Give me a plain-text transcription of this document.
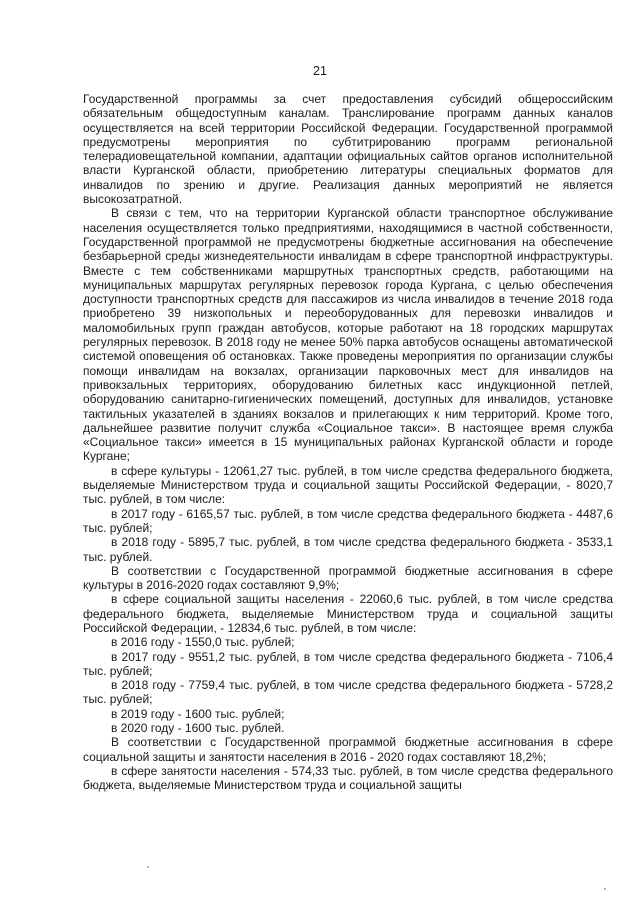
21

Государственной программы за счет предоставления субсидий общероссийским обязательным общедоступным каналам. Транслирование программ данных каналов осуществляется на всей территории Российской Федерации. Государственной программой предусмотрены мероприятия по субтитрированию программ региональной телерадиовещательной компании, адаптации официальных сайтов органов исполнительной власти Курганской области, приобретению литературы специальных форматов для инвалидов по зрению и другие. Реализация данных мероприятий не является высокозатратной.

В связи с тем, что на территории Курганской области транспортное обслуживание населения осуществляется только предприятиями, находящимися в частной собственности, Государственной программой не предусмотрены бюджетные ассигнования на обеспечение безбарьерной среды жизнедеятельности инвалидам в сфере транспортной инфраструктуры. Вместе с тем собственниками маршрутных транспортных средств, работающими на муниципальных маршрутах регулярных перевозок города Кургана, с целью обеспечения доступности транспортных средств для пассажиров из числа инвалидов в течение 2018 года приобретено 39 низкопольных и переоборудованных для перевозки инвалидов и маломобильных групп граждан автобусов, которые работают на 18 городских маршрутах регулярных перевозок. В 2018 году не менее 50% парка автобусов оснащены автоматической системой оповещения об остановках. Также проведены мероприятия по организации службы помощи инвалидам на вокзалах, организации парковочных мест для инвалидов на привокзальных территориях, оборудованию билетных касс индукционной петлей, оборудованию санитарно-гигиенических помещений, доступных для инвалидов, установке тактильных указателей в зданиях вокзалов и прилегающих к ним территорий. Кроме того, дальнейшее развитие получит служба «Социальное такси». В настоящее время служба «Социальное такси» имеется в 15 муниципальных районах Курганской области и городе Кургане;

в сфере культуры - 12061,27 тыс. рублей, в том числе средства федерального бюджета, выделяемые Министерством труда и социальной защиты Российской Федерации, - 8020,7 тыс. рублей, в том числе:

в 2017 году - 6165,57 тыс. рублей, в том числе средства федерального бюджета - 4487,6 тыс. рублей;

в 2018 году - 5895,7 тыс. рублей, в том числе средства федерального бюджета - 3533,1 тыс. рублей.

В соответствии с Государственной программой бюджетные ассигнования в сфере культуры в 2016-2020 годах составляют 9,9%;

в сфере социальной защиты населения - 22060,6 тыс. рублей, в том числе средства федерального бюджета, выделяемые Министерством труда и социальной защиты Российской Федерации, - 12834,6 тыс. рублей, в том числе:

в 2016 году - 1550,0 тыс. рублей;

в 2017 году - 9551,2 тыс. рублей, в том числе средства федерального бюджета - 7106,4 тыс. рублей;

в 2018 году - 7759,4 тыс. рублей, в том числе средства федерального бюджета - 5728,2 тыс. рублей;

в 2019 году - 1600 тыс. рублей;

в 2020 году - 1600 тыс. рублей.

В соответствии с Государственной программой бюджетные ассигнования в сфере социальной защиты и занятости населения в 2016 - 2020 годах составляют 18,2%;

в сфере занятости населения - 574,33 тыс. рублей, в том числе средства федерального бюджета, выделяемые Министерством труда и социальной защиты
